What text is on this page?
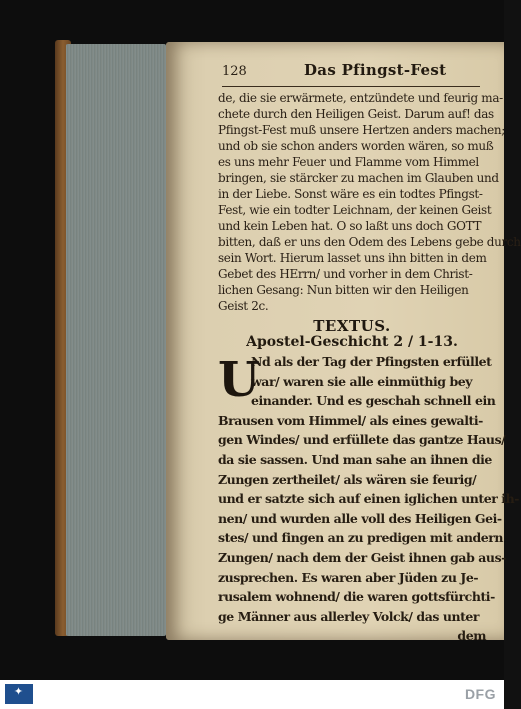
128	Das Pfingst-Fest
de, die sie erwärmete, entzündete und feurig ma-
chete durch den Heiligen Geist. Darum auf! das
Pfingst-Fest muß unsere Hertzen anders machen;
und ob sie schon anders worden wären, so muß
es uns mehr Feuer und Flamme vom Himmel
bringen, sie stärcker zu machen im Glauben und
in der Liebe. Sonst wäre es ein todtes Pfingst-
Fest, wie ein todter Leichnam, der keinen Geist
und kein Leben hat. O so laßt uns doch GOTT
bitten, daß er uns den Odem des Lebens gebe durch
sein Wort. Hierum lasset uns ihn bitten in dem
Gebet des HErrn/ und vorher in dem Christ-
lichen Gesang: Nun bitten wir den Heiligen
Geist 2c.
TEXTUS.
Apostel-Geschicht 2 / 1-13.
U
Nd als der Tag der Pfingsten erfüllet
war/ waren sie alle einmüthig bey
einander. Und es geschah schnell ein
Brausen vom Himmel/ als eines gewalti-
gen Windes/ und erfüllete das gantze Haus/
da sie sassen. Und man sahe an ihnen die
Zungen zertheilet/ als wären sie feurig/
und er satzte sich auf einen iglichen unter ih-
nen/ und wurden alle voll des Heiligen Gei-
stes/ und fingen an zu predigen mit andern
Zungen/ nach dem der Geist ihnen gab aus-
zusprechen. Es waren aber Jüden zu Je-
rusalem wohnend/ die waren gottsfürchti-
ge Männer aus allerley Volck/ das unter
dem
✦	DFG
